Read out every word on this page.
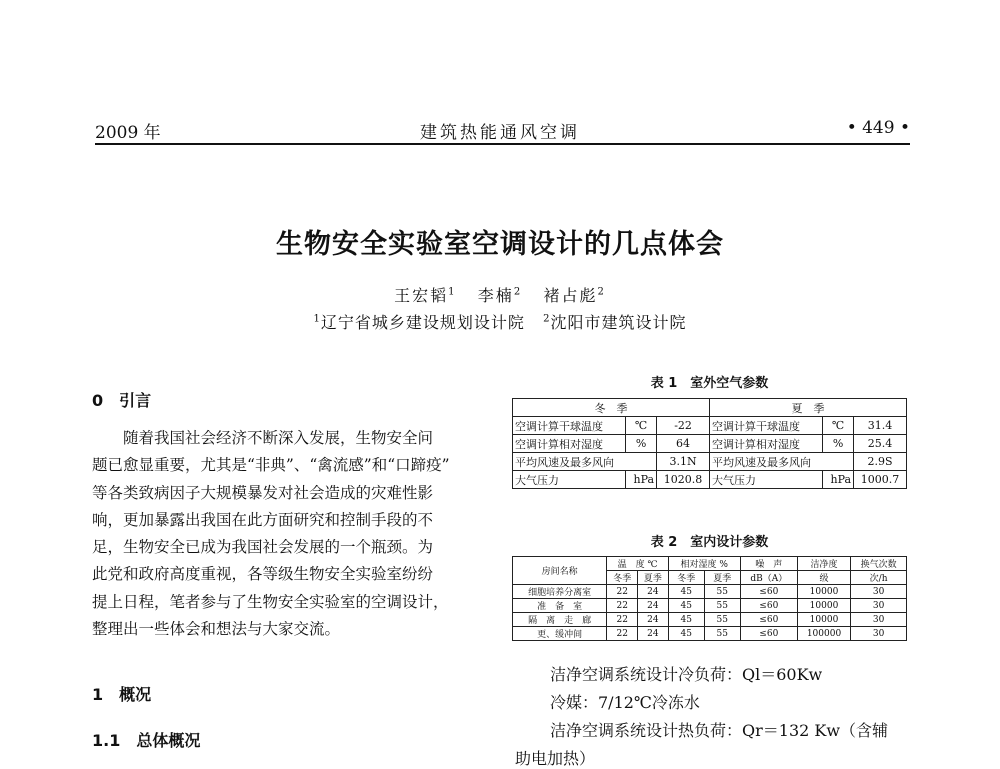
2009 年	建筑热能通风空调	• 449 •
生物安全实验室空调设计的几点体会
王宏韬$^1$ 李楠$^2$ 褚占彪$^2$
$^1$辽宁省城乡建设规划设计院 $^2$沈阳市建筑设计院
0　引言
随着我国社会经济不断深入发展，生物安全问
题已愈显重要，尤其是“非典”、“禽流感”和“口蹄疫”
等各类致病因子大规模暴发对社会造成的灾难性影
响，更加暴露出我国在此方面研究和控制手段的不
足，生物安全已成为我国社会发展的一个瓶颈。为
此党和政府高度重视，各等级生物安全实验室纷纷
提上日程，笔者参与了生物安全实验室的空调设计，
整理出一些体会和想法与大家交流。
1　概况
1.1　总体概况
表 1　室外空气参数
冬　季			夏　季		
空调计算干球温度	℃	-22	空调计算干球温度	℃	31.4
空调计算相对湿度	%	64	空调计算相对湿度	%	25.4
平均风速及最多风向		3.1N	平均风速及最多风向		2.9S
大气压力	hPa	1020.8	大气压力	hPa	1000.7
表 2　室内设计参数
房间名称	温　度 ℃		相对湿度 %		噪　声	洁净度	换气次数
	冬季	夏季	冬季	夏季	dB（A）	级	次/h
细胞培养分离室	22	24	45	55	≤60	10000	30
准　备　室	22	24	45	55	≤60	10000	30
隔　离　走　廊	22	24	45	55	≤60	10000	30
更、缓冲间	22	24	45	55	≤60	100000	30
洁净空调系统设计冷负荷：Ql＝60Kw
冷媒：7/12℃冷冻水
洁净空调系统设计热负荷：Qr＝132 Kw（含辅
助电加热）
